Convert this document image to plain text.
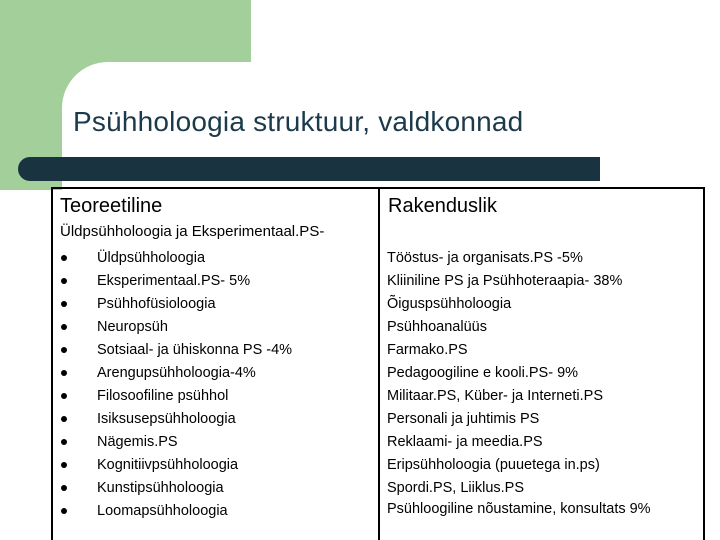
Psühholoogia struktuur, valdkonnad
Teoreetiline	Rakenduslik
Üldpsühholoogia ja Eksperimentaal.PS-
Üldpsühholoogia
Eksperimentaal.PS- 5%
Psühhofüsioloogia
Neuropsüh
Sotsiaal- ja ühiskonna PS -4%
Arengupsühholoogia-4%
Filosoofiline psühhol
Isiksusepsühholoogia
Nägemis.PS
Kognitiivpsühholoogia
Kunstipsühholoogia
Loomapsühholoogia
Tööstus- ja organisats.PS -5%
Kliiniline PS ja Psühhoteraapia- 38%
Õiguspsühholoogia
Psühhoanalüüs
Farmako.PS
Pedagoogiline e kooli.PS- 9%
Militaar.PS, Küber- ja Interneti.PS
Personali ja juhtimis PS
Reklaami- ja meedia.PS
Eripsühholoogia (puuetega in.ps)
Spordi.PS, Liiklus.PS
Psühloogiline nõustamine, konsultats 9%
